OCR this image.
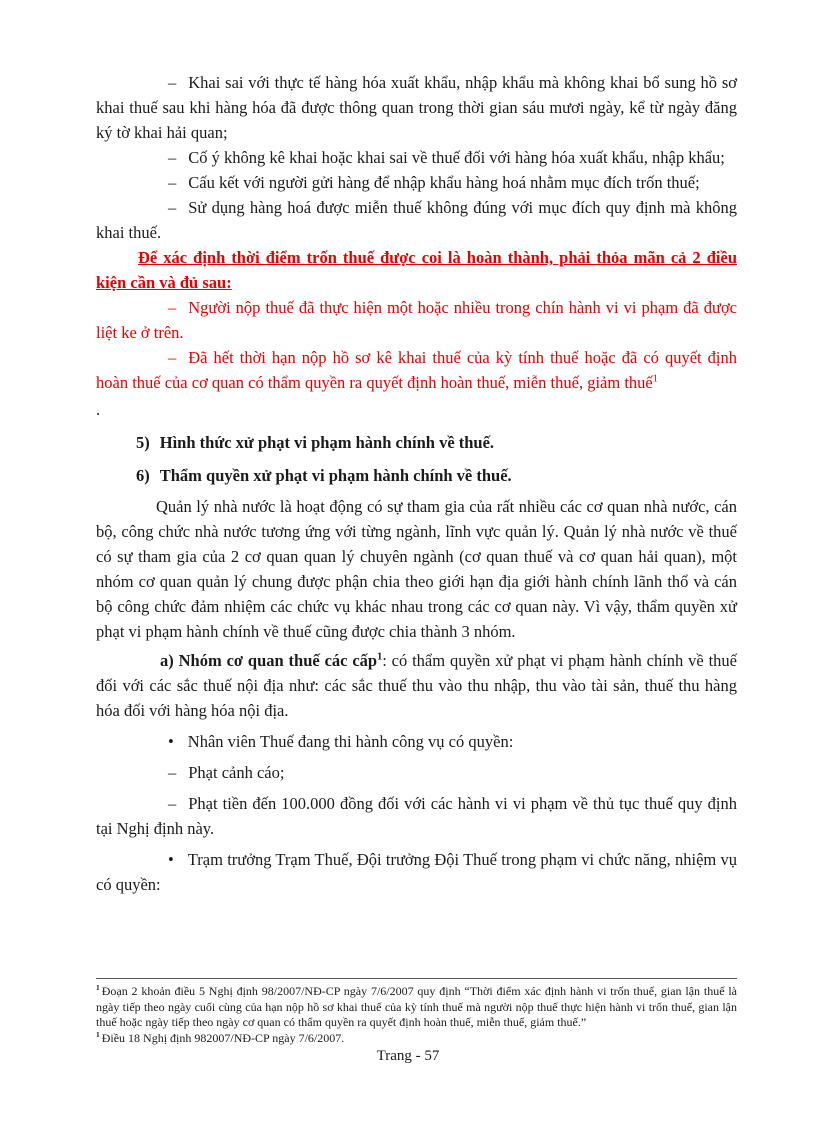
– Khai sai với thực tế hàng hóa xuất khẩu, nhập khẩu mà không khai bổ sung hồ sơ khai thuế sau khi hàng hóa đã được thông quan trong thời gian sáu mươi ngày, kể từ ngày đăng ký tờ khai hải quan;

– Cố ý không kê khai hoặc khai sai về thuế đối với hàng hóa xuất khẩu, nhập khẩu;

– Cấu kết với người gửi hàng để nhập khẩu hàng hoá nhằm mục đích trốn thuế;

– Sử dụng hàng hoá được miễn thuế không đúng với mục đích quy định mà không khai thuế.

Để xác định thời điểm trốn thuế được coi là hoàn thành, phải thỏa mãn cả 2 điều kiện cần và đủ sau:

– Người nộp thuế đã thực hiện một hoặc nhiều trong chín hành vi vi phạm đã được liệt ke ở trên.

– Đã hết thời hạn nộp hồ sơ kê khai thuế của kỳ tính thuế hoặc đã có quyết định hoàn thuế của cơ quan có thẩm quyền ra quyết định hoàn thuế, miễn thuế, giảm thuế$^1$

.

5) Hình thức xử phạt vi phạm hành chính về thuế.

6) Thẩm quyền xử phạt vi phạm hành chính về thuế.

Quản lý nhà nước là hoạt động có sự tham gia của rất nhiều các cơ quan nhà nước, cán bộ, công chức nhà nước tương ứng với từng ngành, lĩnh vực quản lý. Quản lý nhà nước về thuế có sự tham gia của 2 cơ quan quan lý chuyên ngành (cơ quan thuế và cơ quan hải quan), một nhóm cơ quan quản lý chung được phận chia theo giới hạn địa giới hành chính lãnh thổ và cán bộ công chức đảm nhiệm các chức vụ khác nhau trong các cơ quan này. Vì vậy, thẩm quyền xử phạt vi phạm hành chính về thuế cũng được chia thành 3 nhóm.

a) Nhóm cơ quan thuế các cấp$^1$: có thẩm quyền xử phạt vi phạm hành chính về thuế đối với các sắc thuế nội địa như: các sắc thuế thu vào thu nhập, thu vào tài sản, thuế thu hàng hóa đối với hàng hóa nội địa.

• Nhân viên Thuế đang thi hành công vụ có quyền:

– Phạt cảnh cáo;

– Phạt tiền đến 100.000 đồng đối với các hành vi vi phạm về thủ tục thuế quy định tại Nghị định này.

• Trạm trưởng Trạm Thuế, Đội trưởng Đội Thuế trong phạm vi chức năng, nhiệm vụ có quyền:

$^1$ Đoạn 2 khoản điều 5 Nghị định 98/2007/NĐ-CP ngày 7/6/2007 quy định “Thời điểm xác định hành vi trốn thuế, gian lận thuế là ngày tiếp theo ngày cuối cùng của hạn nộp hồ sơ khai thuế của kỳ tính thuế mà người nộp thuế thực hiện hành vi trốn thuế, gian lận thuế hoặc ngày tiếp theo ngày cơ quan có thẩm quyền ra quyết định hoàn thuế, miễn thuế, giảm thuế.”

$^1$ Điều 18 Nghị định 982007/NĐ-CP ngày 7/6/2007.

Trang - 57
